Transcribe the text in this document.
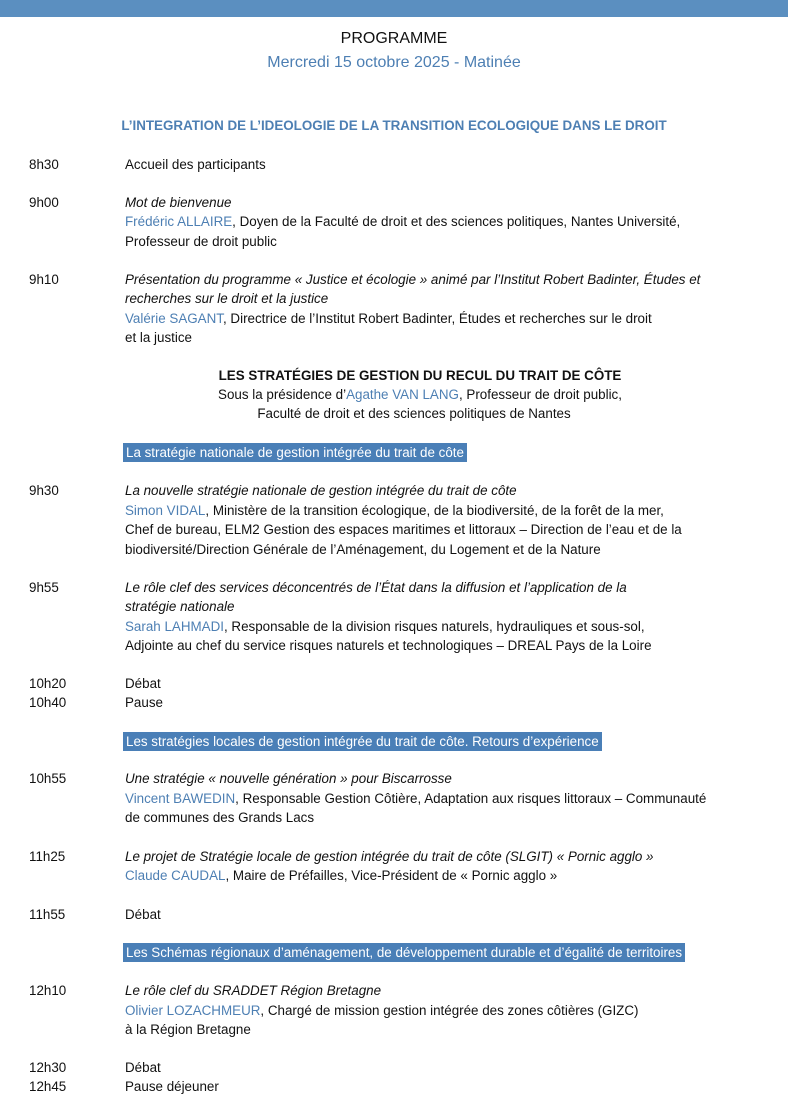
PROGRAMME
Mercredi 15 octobre 2025 - Matinée
L’INTEGRATION DE L’IDEOLOGIE DE LA TRANSITION ECOLOGIQUE DANS LE DROIT
8h30	Accueil des participants
9h00	Mot de bienvenue
Frédéric ALLAIRE, Doyen de la Faculté de droit et des sciences politiques, Nantes Université,
Professeur de droit public
9h10	Présentation du programme « Justice et écologie » animé par l’Institut Robert Badinter, Études et
recherches sur le droit et la justice
Valérie SAGANT, Directrice de l’Institut Robert Badinter, Études et recherches sur le droit
et la justice
LES STRATÉGIES DE GESTION DU RECUL DU TRAIT DE CÔTE
Sous la présidence d’Agathe VAN LANG, Professeur de droit public,
Faculté de droit et des sciences politiques de Nantes
La stratégie nationale de gestion intégrée du trait de côte
9h30	La nouvelle stratégie nationale de gestion intégrée du trait de côte
Simon VIDAL, Ministère de la transition écologique, de la biodiversité, de la forêt de la mer,
Chef de bureau, ELM2 Gestion des espaces maritimes et littoraux – Direction de l’eau et de la
biodiversité/Direction Générale de l’Aménagement, du Logement et de la Nature
9h55	Le rôle clef des services déconcentrés de l’État dans la diffusion et l’application de la
stratégie nationale
Sarah LAHMADI, Responsable de la division risques naturels, hydrauliques et sous-sol,
Adjointe au chef du service risques naturels et technologiques – DREAL Pays de la Loire
10h20	Débat
10h40	Pause
Les stratégies locales de gestion intégrée du trait de côte. Retours d’expérience
10h55	Une stratégie « nouvelle génération » pour Biscarrosse
Vincent BAWEDIN, Responsable Gestion Côtière, Adaptation aux risques littoraux – Communauté
de communes des Grands Lacs
11h25	Le projet de Stratégie locale de gestion intégrée du trait de côte (SLGIT) « Pornic agglo »
Claude CAUDAL, Maire de Préfailles, Vice-Président de « Pornic agglo »
11h55	Débat
Les Schémas régionaux d’aménagement, de développement durable et d’égalité de territoires
12h10	Le rôle clef du SRADDET Région Bretagne
Olivier LOZACHMEUR, Chargé de mission gestion intégrée des zones côtières (GIZC)
à la Région Bretagne
12h30	Débat
12h45	Pause déjeuner
